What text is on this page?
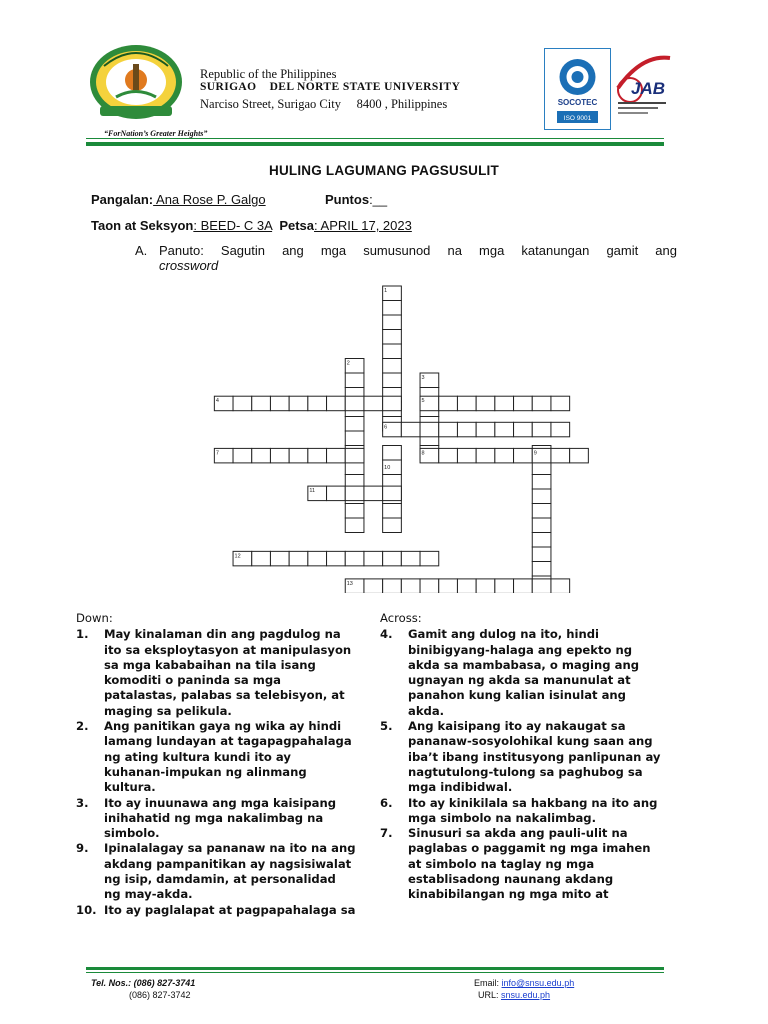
Republic of the Philippines
SURIGAO    DEL NORTE STATE UNIVERSITY
Narciso Street, Surigao City     8400 , Philippines
“ForNation’s Greater Heights”
SOCOTEC
ISO 9001
JAB
HULING LAGUMANG PAGSUSULIT
Pangalan: Ana Rose P. Galgo	Puntos:__
Taon at Seksyon: BEED- C 3A Petsa: APRIL 17, 2023
A. Panuto: Sagutin ang mga sumusunod na mga katanungan gamit ang
crossword
1
2
3
4	5
6
7	8	9
10
11
12
13
Down:
1.	May kinalaman din ang pagdulog na ito sa eksploytasyon at manipulasyon sa mga kababaihan na tila isang komoditi o paninda sa mga patalastas, palabas sa telebisyon, at maging sa pelikula.
2.	Ang panitikan gaya ng wika ay hindi lamang lundayan at tagapagpahalaga ng ating kultura kundi ito ay kuhanan-impukan ng alinmang kultura.
3.	Ito ay inuunawa ang mga kaisipang inihahatid ng mga nakalimbag na simbolo.
9.	Ipinalalagay sa pananaw na ito na ang akdang pampanitikan ay nagsisiwalat ng isip, damdamin, at personalidad ng may-akda.
10. Ito ay paglalapat at pagpapahalaga sa
Across:
4.	Gamit ang dulog na ito, hindi binibigyang-halaga ang epekto ng akda sa mambabasa, o maging ang ugnayan ng akda sa manunulat at panahon kung kalian isinulat ang akda.
5.	Ang kaisipang ito ay nakaugat sa pananaw-sosyolohikal kung saan ang iba’t ibang institusyong panlipunan ay nagtutulong-tulong sa paghubog sa mga indibidwal.
6.	Ito ay kinikilala sa hakbang na ito ang mga simbolo na nakalimbag.
7.	Sinusuri sa akda ang pauli-ulit na paglabas o paggamit ng mga imahen at simbolo na taglay ng mga establisadong naunang akdang kinabibilangan ng mga mito at
Tel. Nos.: (086) 827-3741
(086) 827-3742
Email: info@snsu.edu.ph
URL: snsu.edu.ph
